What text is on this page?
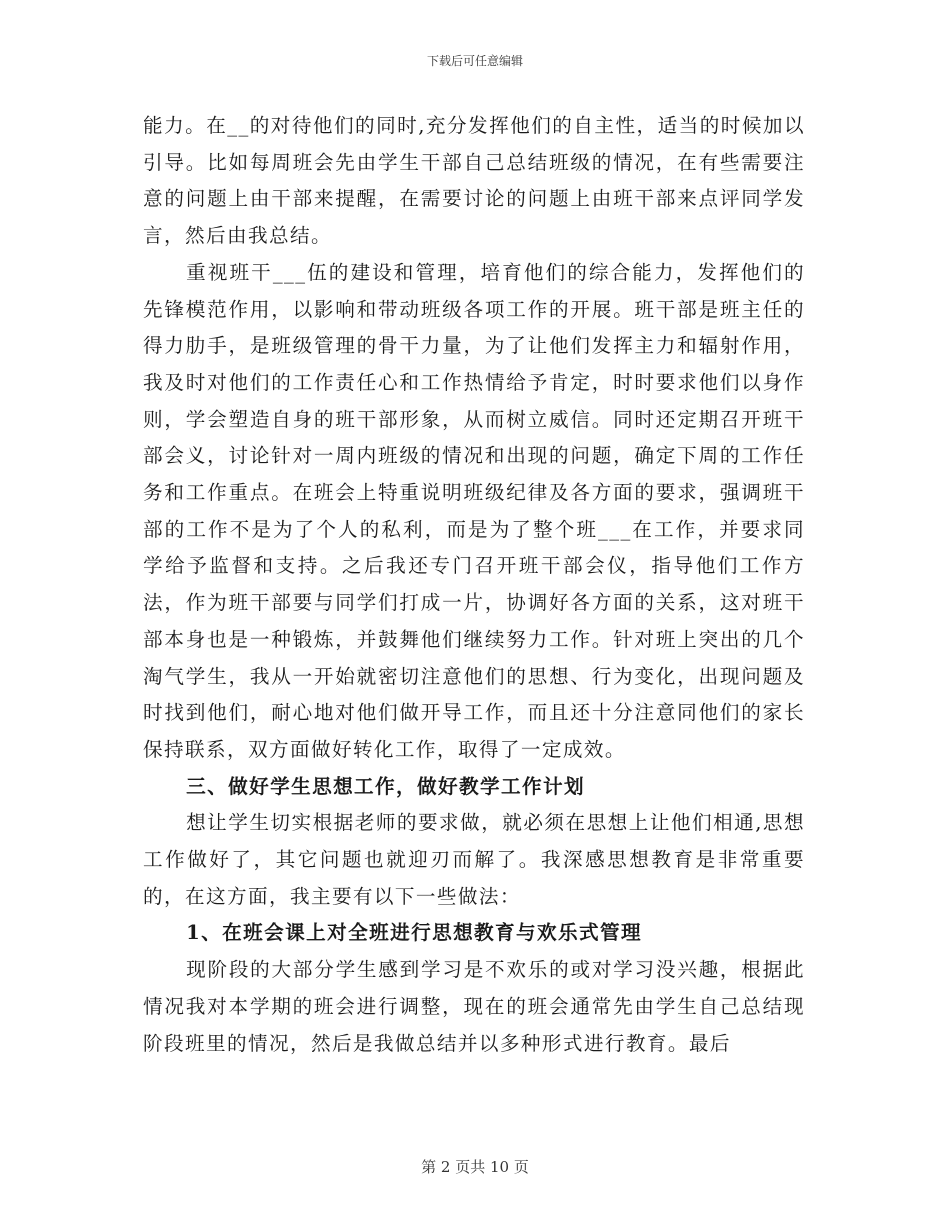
下载后可任意编辑

能力。在__的对待他们的同时,充分发挥他们的自主性，适当的时候加以引导。比如每周班会先由学生干部自己总结班级的情况，在有些需要注意的问题上由干部来提醒，在需要讨论的问题上由班干部来点评同学发言，然后由我总结。

重视班干___伍的建设和管理，培育他们的综合能力，发挥他们的先锋模范作用，以影响和带动班级各项工作的开展。班干部是班主任的得力肋手，是班级管理的骨干力量，为了让他们发挥主力和辐射作用，我及时对他们的工作责任心和工作热情给予肯定，时时要求他们以身作则，学会塑造自身的班干部形象，从而树立威信。同时还定期召开班干部会义，讨论针对一周内班级的情况和出现的问题，确定下周的工作任务和工作重点。在班会上特重说明班级纪律及各方面的要求，强调班干部的工作不是为了个人的私利，而是为了整个班___在工作，并要求同学给予监督和支持。之后我还专门召开班干部会仪，指导他们工作方法，作为班干部要与同学们打成一片，协调好各方面的关系，这对班干部本身也是一种锻炼，并鼓舞他们继续努力工作。针对班上突出的几个淘气学生，我从一开始就密切注意他们的思想、行为变化，出现问题及时找到他们，耐心地对他们做开导工作，而且还十分注意同他们的家长保持联系，双方面做好转化工作，取得了一定成效。

三、做好学生思想工作，做好教学工作计划

想让学生切实根据老师的要求做，就必须在思想上让他们相通,思想工作做好了，其它问题也就迎刃而解了。我深感思想教育是非常重要的，在这方面，我主要有以下一些做法：

1、在班会课上对全班进行思想教育与欢乐式管理

现阶段的大部分学生感到学习是不欢乐的或对学习没兴趣，根据此情况我对本学期的班会进行调整，现在的班会通常先由学生自己总结现阶段班里的情况，然后是我做总结并以多种形式进行教育。最后

第 2 页共 10 页
